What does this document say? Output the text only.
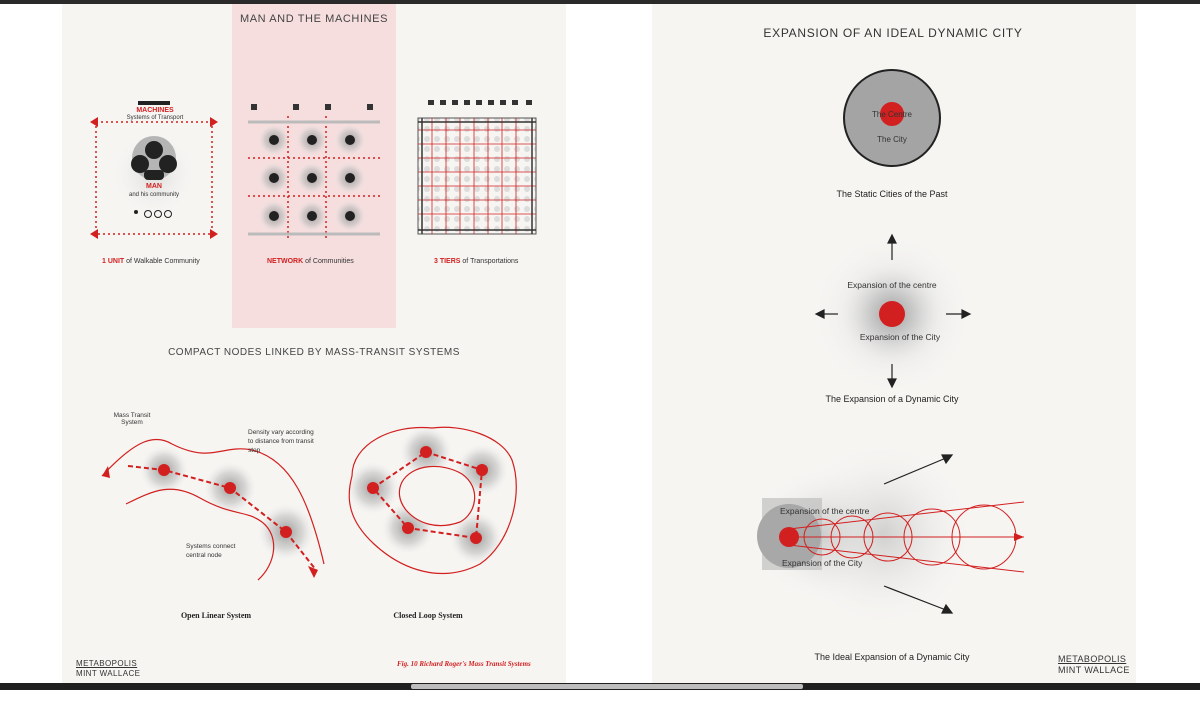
MAN AND THE MACHINES
MACHINES
Systems of Transport
MAN
and his community
1 UNIT of Walkable Community	NETWORK of Communities	3 TIERS of Transportations
COMPACT NODES LINKED BY MASS-TRANSIT SYSTEMS
Mass Transit System
Density vary according to distance from transit stop
Systems connect central node
Open Linear System	Closed Loop System
METABOPOLIS
MINT WALLACE
Fig. 10 Richard Roger's Mass Transit Systems
EXPANSION OF AN IDEAL DYNAMIC CITY
The Centre
The City
The Static Cities of the Past
Expansion of the centre
Expansion of the City
The Expansion of a Dynamic City
Expansion of the centre
Expansion of the City
The Ideal Expansion of a Dynamic City	METABOPOLIS
MINT WALLACE
